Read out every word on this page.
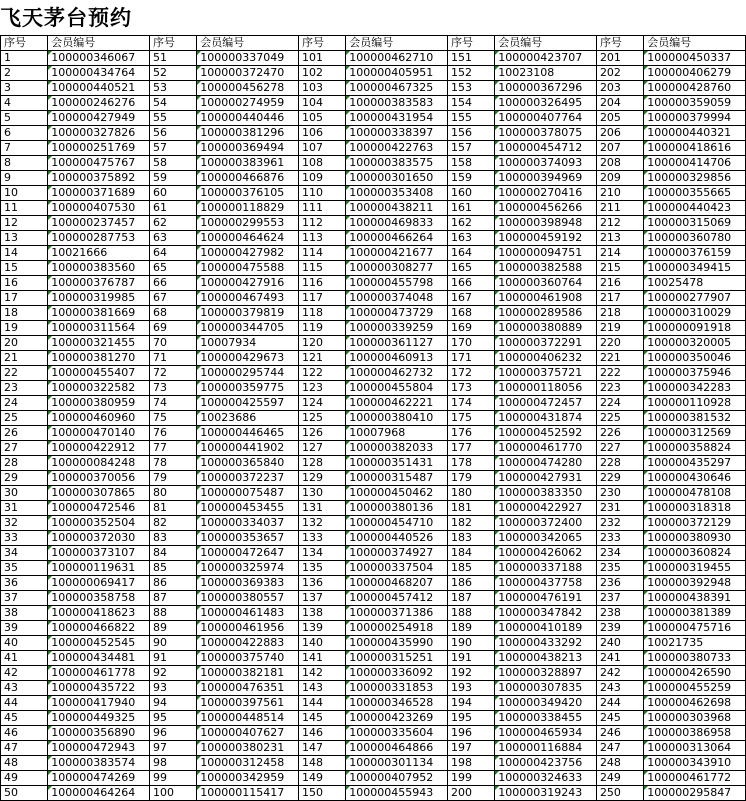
飞天茅台预约
序号	会员编号	序号	会员编号	序号	会员编号	序号	会员编号	序号	会员编号
1	100000346067	51	100000337049	101	100000462710	151	100000423707	201	100000450337
2	100000434764	52	100000372470	102	100000405951	152	10023108	202	100000406279
3	100000440521	53	100000456278	103	100000467325	153	100000367296	203	100000428760
4	100000246276	54	100000274959	104	100000383583	154	100000326495	204	100000359059
5	100000427949	55	100000440446	105	100000431954	155	100000407764	205	100000379994
6	100000327826	56	100000381296	106	100000338397	156	100000378075	206	100000440321
7	100000251769	57	100000369494	107	100000422763	157	100000454712	207	100000418616
8	100000475767	58	100000383961	108	100000383575	158	100000374093	208	100000414706
9	100000375892	59	100000466876	109	100000301650	159	100000394969	209	100000329856
10	100000371689	60	100000376105	110	100000353408	160	100000270416	210	100000355665
11	100000407530	61	100000118829	111	100000438211	161	100000456266	211	100000440423
12	100000237457	62	100000299553	112	100000469833	162	100000398948	212	100000315069
13	100000287753	63	100000464624	113	100000466264	163	100000459192	213	100000360780
14	10021666	64	100000427982	114	100000421677	164	100000094751	214	100000376159
15	100000383560	65	100000475588	115	100000308277	165	100000382588	215	100000349415
16	100000376787	66	100000427916	116	100000455798	166	100000360764	216	10025478
17	100000319985	67	100000467493	117	100000374048	167	100000461908	217	100000277907
18	100000381669	68	100000379819	118	100000473729	168	100000289586	218	100000310029
19	100000311564	69	100000344705	119	100000339259	169	100000380889	219	100000091918
20	100000321455	70	10007934	120	100000361127	170	100000372291	220	100000320005
21	100000381270	71	100000429673	121	100000460913	171	100000406232	221	100000350046
22	100000455407	72	100000295744	122	100000462732	172	100000375721	222	100000375946
23	100000322582	73	100000359775	123	100000455804	173	100000118056	223	100000342283
24	100000380959	74	100000425597	124	100000462221	174	100000472457	224	100000110928
25	100000460960	75	10023686	125	100000380410	175	100000431874	225	100000381532
26	100000470140	76	100000446465	126	10007968	176	100000452592	226	100000312569
27	100000422912	77	100000441902	127	100000382033	177	100000461770	227	100000358824
28	100000084248	78	100000365840	128	100000351431	178	100000474280	228	100000435297
29	100000370056	79	100000372237	129	100000315487	179	100000427931	229	100000430646
30	100000307865	80	100000075487	130	100000450462	180	100000383350	230	100000478108
31	100000472546	81	100000453455	131	100000380136	181	100000422927	231	100000318318
32	100000352504	82	100000334037	132	100000454710	182	100000372400	232	100000372129
33	100000372030	83	100000353657	133	100000440526	183	100000342065	233	100000380930
34	100000373107	84	100000472647	134	100000374927	184	100000426062	234	100000360824
35	100000119631	85	100000325974	135	100000337504	185	100000337188	235	100000319455
36	100000069417	86	100000369383	136	100000468207	186	100000437758	236	100000392948
37	100000358758	87	100000380557	137	100000457412	187	100000476191	237	100000438391
38	100000418623	88	100000461483	138	100000371386	188	100000347842	238	100000381389
39	100000466822	89	100000461956	139	100000254918	189	100000410189	239	100000475716
40	100000452545	90	100000422883	140	100000435990	190	100000433292	240	10021735
41	100000434481	91	100000375740	141	100000315251	191	100000438213	241	100000380733
42	100000461778	92	100000382181	142	100000336092	192	100000328897	242	100000426590
43	100000435722	93	100000476351	143	100000331853	193	100000307835	243	100000455259
44	100000417940	94	100000397561	144	100000346528	194	100000349420	244	100000462698
45	100000449325	95	100000448514	145	100000423269	195	100000338455	245	100000303968
46	100000356890	96	100000407627	146	100000335604	196	100000465934	246	100000386958
47	100000472943	97	100000380231	147	100000464866	197	100000116884	247	100000313064
48	100000383574	98	100000312458	148	100000301134	198	100000423756	248	100000343910
49	100000474269	99	100000342959	149	100000407952	199	100000324633	249	100000461772
50	100000464264	100	100000115417	150	100000455943	200	100000319243	250	100000295847
